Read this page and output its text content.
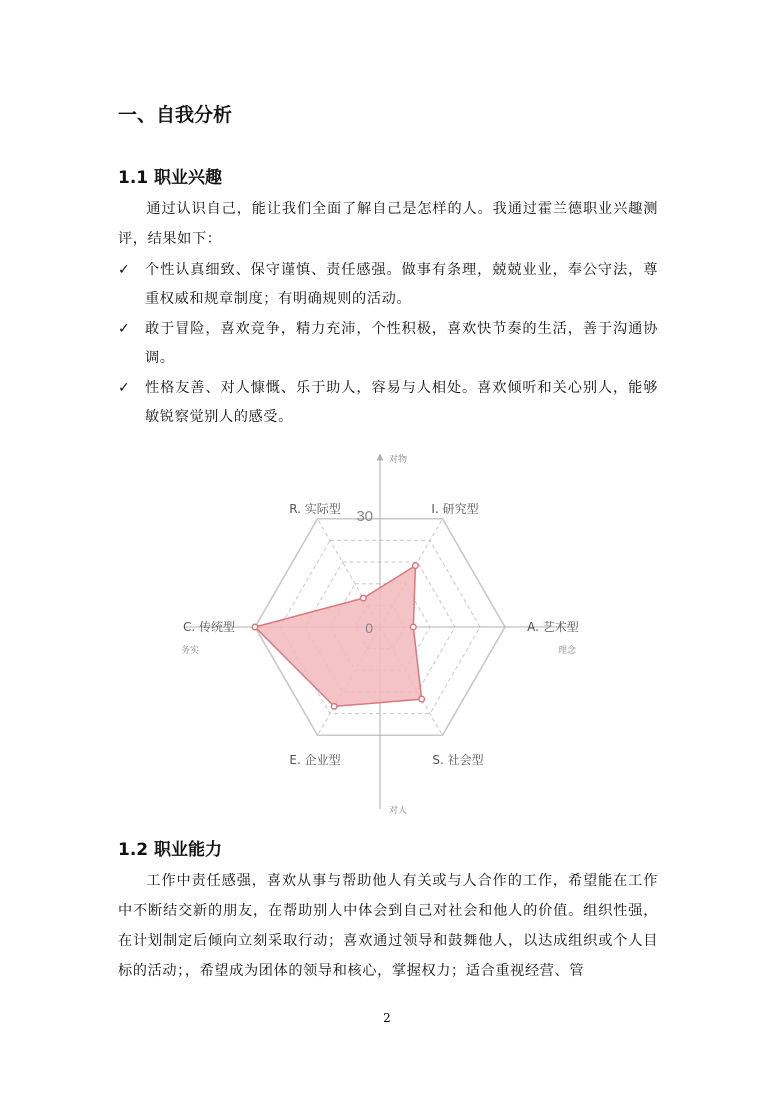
一、自我分析
1.1 职业兴趣

通过认识自己，能让我们全面了解自己是怎样的人。我通过霍兰德职业兴趣测评，结果如下：

✓ 个性认真细致、保守谨慎、责任感强。做事有条理，兢兢业业，奉公守法，尊重权威和规章制度；有明确规则的活动。
✓ 敢于冒险，喜欢竞争，精力充沛，个性积极，喜欢快节奏的生活，善于沟通协调。
✓ 性格友善、对人慷慨、乐于助人，容易与人相处。喜欢倾听和关心别人，能够敏锐察觉别人的感受。
30
0
R. 实际型	I. 研究型
A. 艺术型
S. 社会型
E. 企业型
C. 传统型
对物
对人
务实	理念
1.2 职业能力

工作中责任感强，喜欢从事与帮助他人有关或与人合作的工作，希望能在工作中不断结交新的朋友，在帮助别人中体会到自己对社会和他人的价值。组织性强，在计划制定后倾向立刻采取行动；喜欢通过领导和鼓舞他人，以达成组织或个人目标的活动；，希望成为团体的领导和核心，掌握权力；适合重视经营、管

2
